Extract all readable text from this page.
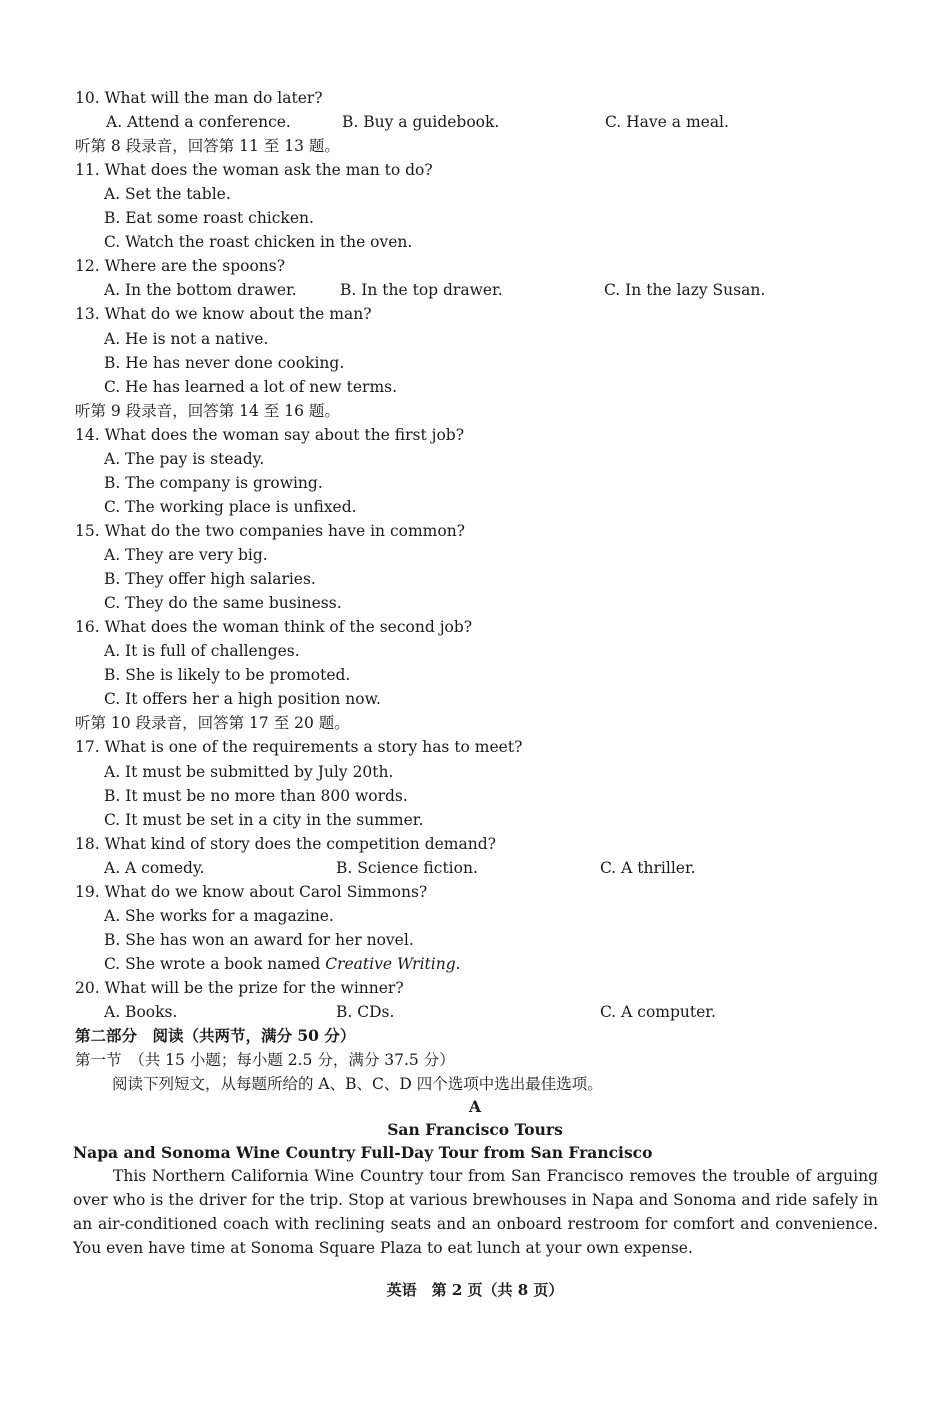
10. What will the man do later?
A. Attend a conference.	B. Buy a guidebook.	C. Have a meal.
听第 8 段录音，回答第 11 至 13 题。
11. What does the woman ask the man to do?
A. Set the table.
B. Eat some roast chicken.
C. Watch the roast chicken in the oven.
12. Where are the spoons?
A. In the bottom drawer.	B. In the top drawer.	C. In the lazy Susan.
13. What do we know about the man?
A. He is not a native.
B. He has never done cooking.
C. He has learned a lot of new terms.
听第 9 段录音，回答第 14 至 16 题。
14. What does the woman say about the first job?
A. The pay is steady.
B. The company is growing.
C. The working place is unfixed.
15. What do the two companies have in common?
A. They are very big.
B. They offer high salaries.
C. They do the same business.
16. What does the woman think of the second job?
A. It is full of challenges.
B. She is likely to be promoted.
C. It offers her a high position now.
听第 10 段录音，回答第 17 至 20 题。
17. What is one of the requirements a story has to meet?
A. It must be submitted by July 20th.
B. It must be no more than 800 words.
C. It must be set in a city in the summer.
18. What kind of story does the competition demand?
A. A comedy.	B. Science fiction.	C. A thriller.
19. What do we know about Carol Simmons?
A. She works for a magazine.
B. She has won an award for her novel.
C. She wrote a book named Creative Writing.
20. What will be the prize for the winner?
A. Books.	B. CDs.	C. A computer.
第二部分　阅读（共两节，满分 50 分）
第一节　（共 15 小题；每小题 2.5 分，满分 37.5 分）
阅读下列短文，从每题所给的 A、B、C、D 四个选项中选出最佳选项。
A
San Francisco Tours
Napa and Sonoma Wine Country Full-Day Tour from San Francisco
This Northern California Wine Country tour from San Francisco removes the trouble of arguing over who is the driver for the trip. Stop at various brewhouses in Napa and Sonoma and ride safely in an air-conditioned coach with reclining seats and an onboard restroom for comfort and convenience. You even have time at Sonoma Square Plaza to eat lunch at your own expense.
英语　第 2 页（共 8 页）
